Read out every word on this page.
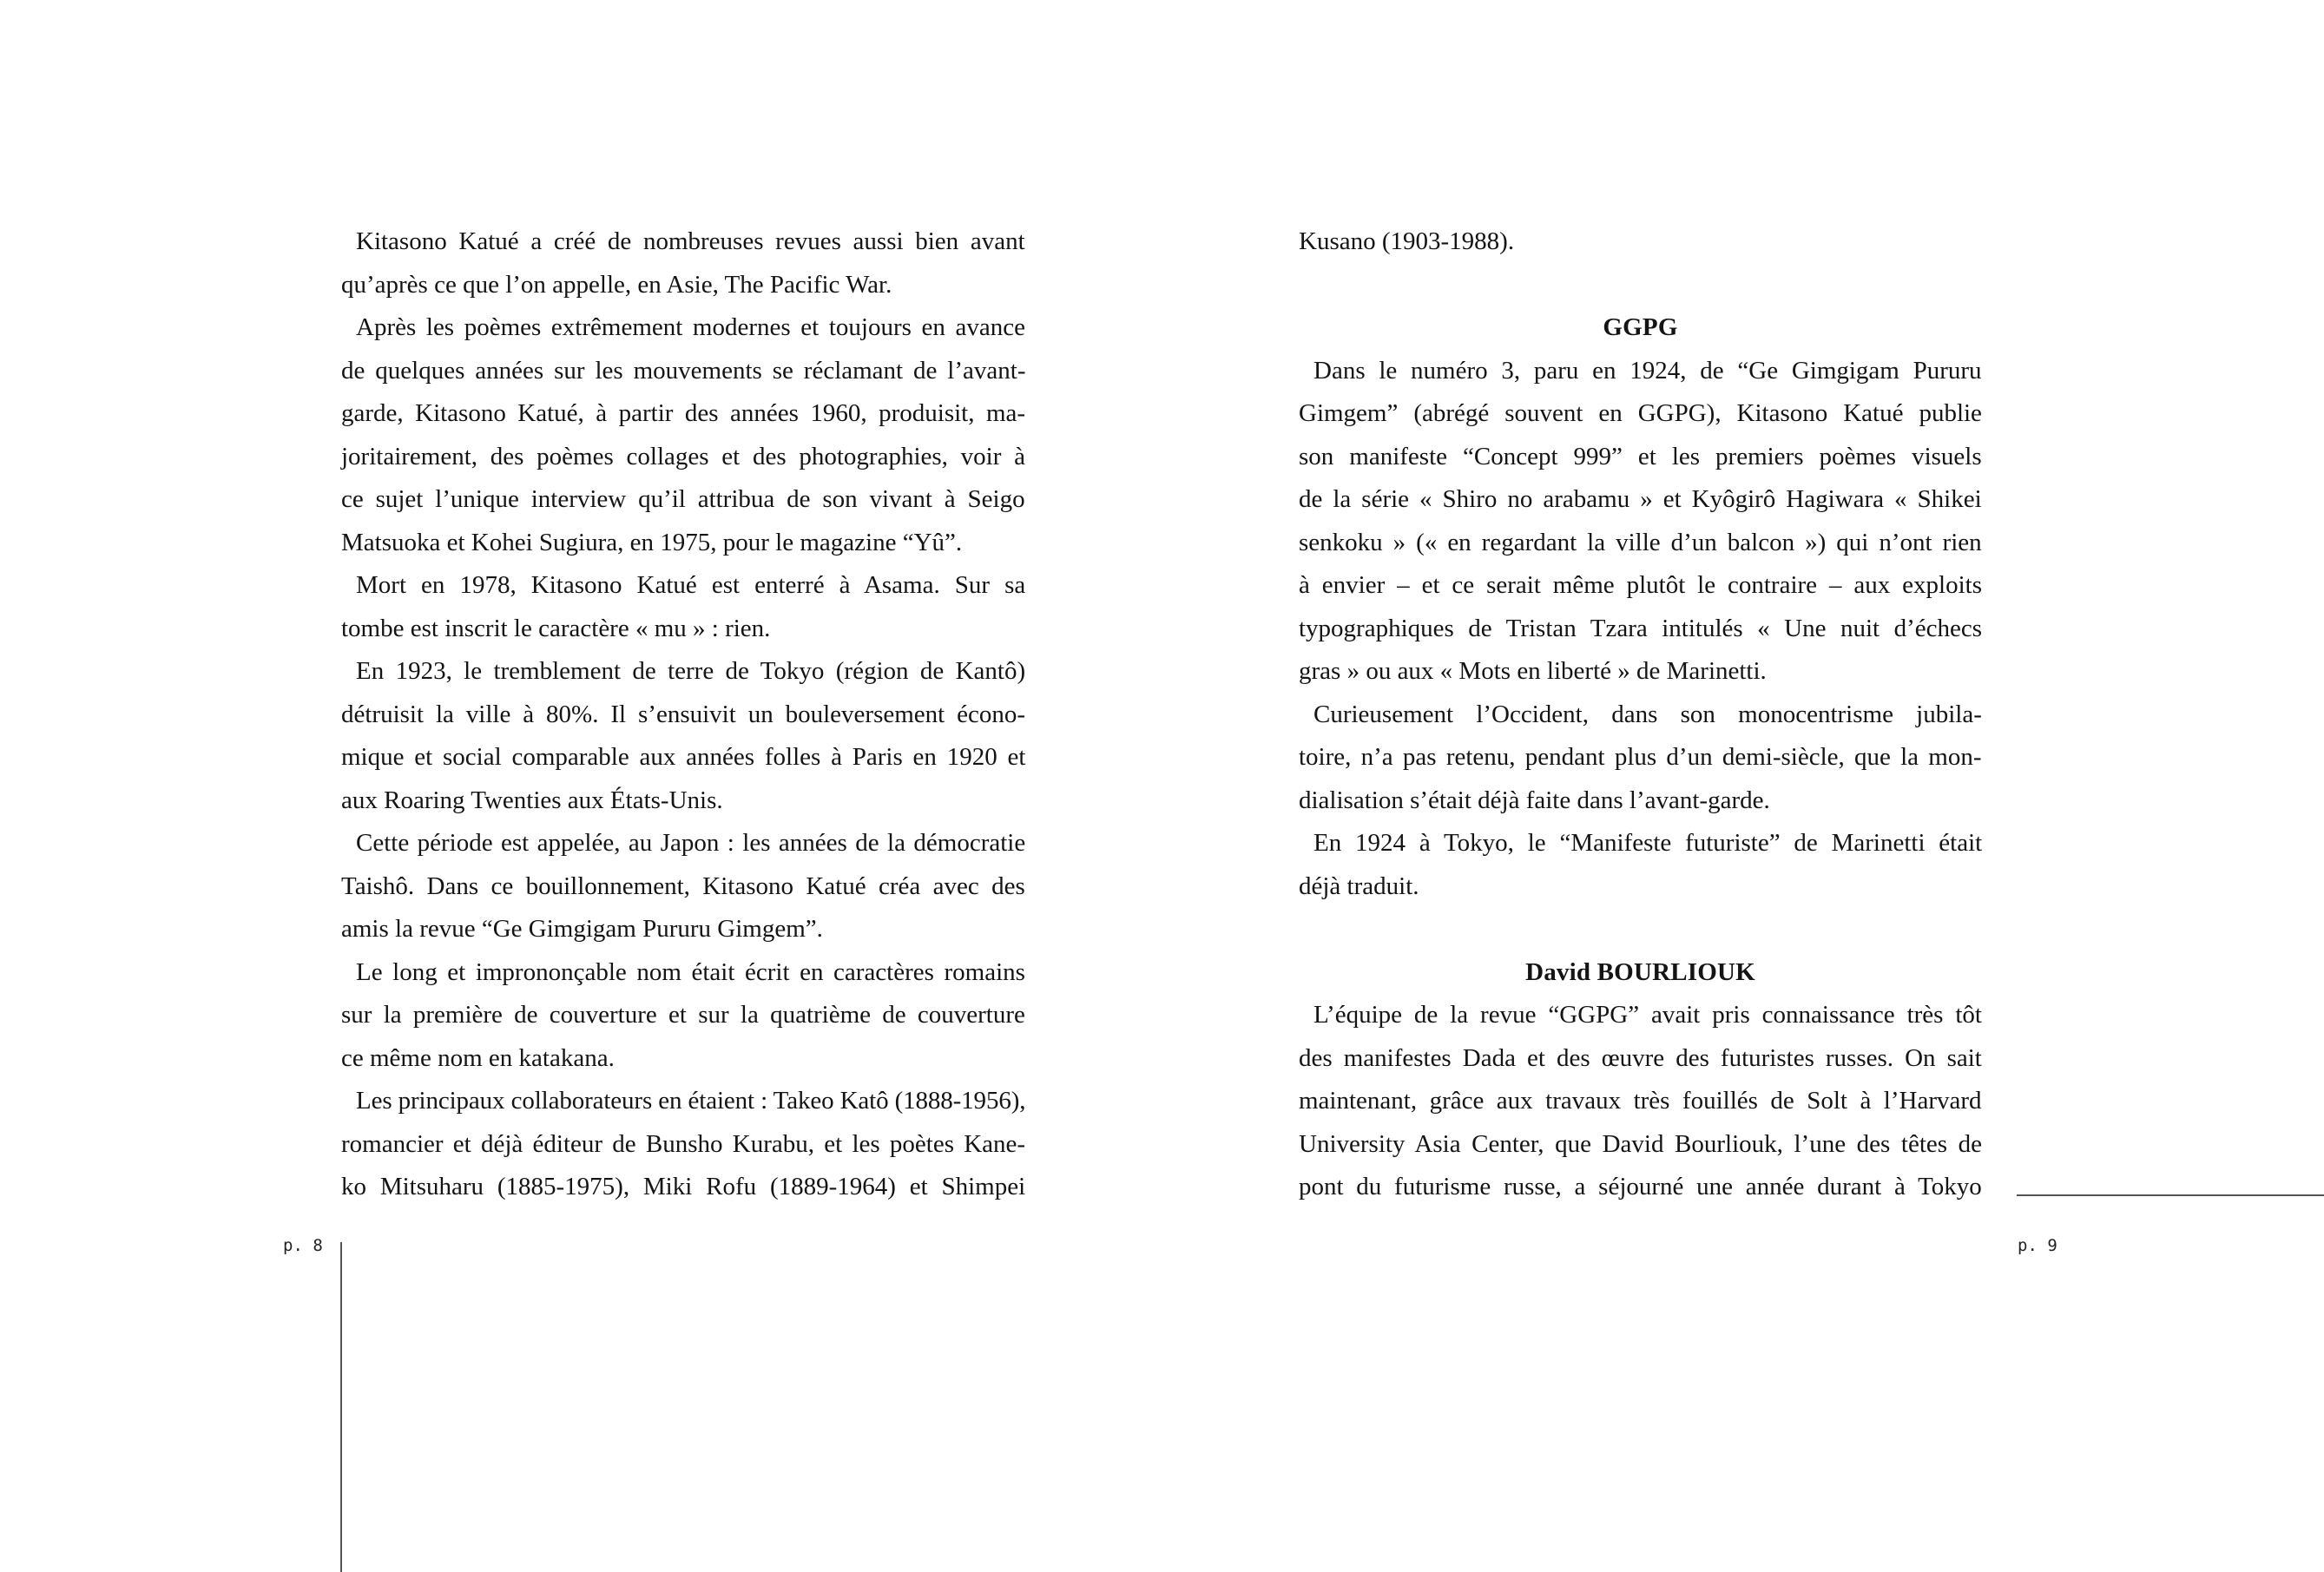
Kitasono Katué a créé de nombreuses revues aussi bien avant
qu’après ce que l’on appelle, en Asie, The Pacific War.
Après les poèmes extrêmement modernes et toujours en avance
de quelques années sur les mouvements se réclamant de l’avant-
garde, Kitasono Katué, à partir des années 1960, produisit, ma-
joritairement, des poèmes collages et des photographies, voir à
ce sujet l’unique interview qu’il attribua de son vivant à Seigo
Matsuoka et Kohei Sugiura, en 1975, pour le magazine “Yû”.
Mort en 1978, Kitasono Katué est enterré à Asama. Sur sa
tombe est inscrit le caractère « mu » : rien.
En 1923, le tremblement de terre de Tokyo (région de Kantô)
détruisit la ville à 80%. Il s’ensuivit un bouleversement écono-
mique et social comparable aux années folles à Paris en 1920 et
aux Roaring Twenties aux États-Unis.
Cette période est appelée, au Japon : les années de la démocratie
Taishô. Dans ce bouillonnement, Kitasono Katué créa avec des
amis la revue “Ge Gimgigam Pururu Gimgem”.
Le long et imprononçable nom était écrit en caractères romains
sur la première de couverture et sur la quatrième de couverture
ce même nom en katakana.
Les principaux collaborateurs en étaient : Takeo Katô (1888-1956),
romancier et déjà éditeur de Bunsho Kurabu, et les poètes Kane-
ko Mitsuharu (1885-1975), Miki Rofu (1889-1964) et Shimpei
Kusano (1903-1988).
GGPG
Dans le numéro 3, paru en 1924, de “Ge Gimgigam Pururu
Gimgem” (abrégé souvent en GGPG), Kitasono Katué publie
son manifeste “Concept 999” et les premiers poèmes visuels
de la série « Shiro no arabamu » et Kyôgirô Hagiwara « Shikei
senkoku » (« en regardant la ville d’un balcon ») qui n’ont rien
à envier – et ce serait même plutôt le contraire – aux exploits
typographiques de Tristan Tzara intitulés « Une nuit d’échecs
gras » ou aux « Mots en liberté » de Marinetti.
Curieusement l’Occident, dans son monocentrisme jubila-
toire, n’a pas retenu, pendant plus d’un demi-siècle, que la mon-
dialisation s’était déjà faite dans l’avant-garde.
En 1924 à Tokyo, le “Manifeste futuriste” de Marinetti était
déjà traduit.
David BOURLIOUK
L’équipe de la revue “GGPG” avait pris connaissance très tôt
des manifestes Dada et des œuvre des futuristes russes. On sait
maintenant, grâce aux travaux très fouillés de Solt à l’Harvard
University Asia Center, que David Bourliouk, l’une des têtes de
pont du futurisme russe, a séjourné une année durant à Tokyo
p. 8	p. 9
